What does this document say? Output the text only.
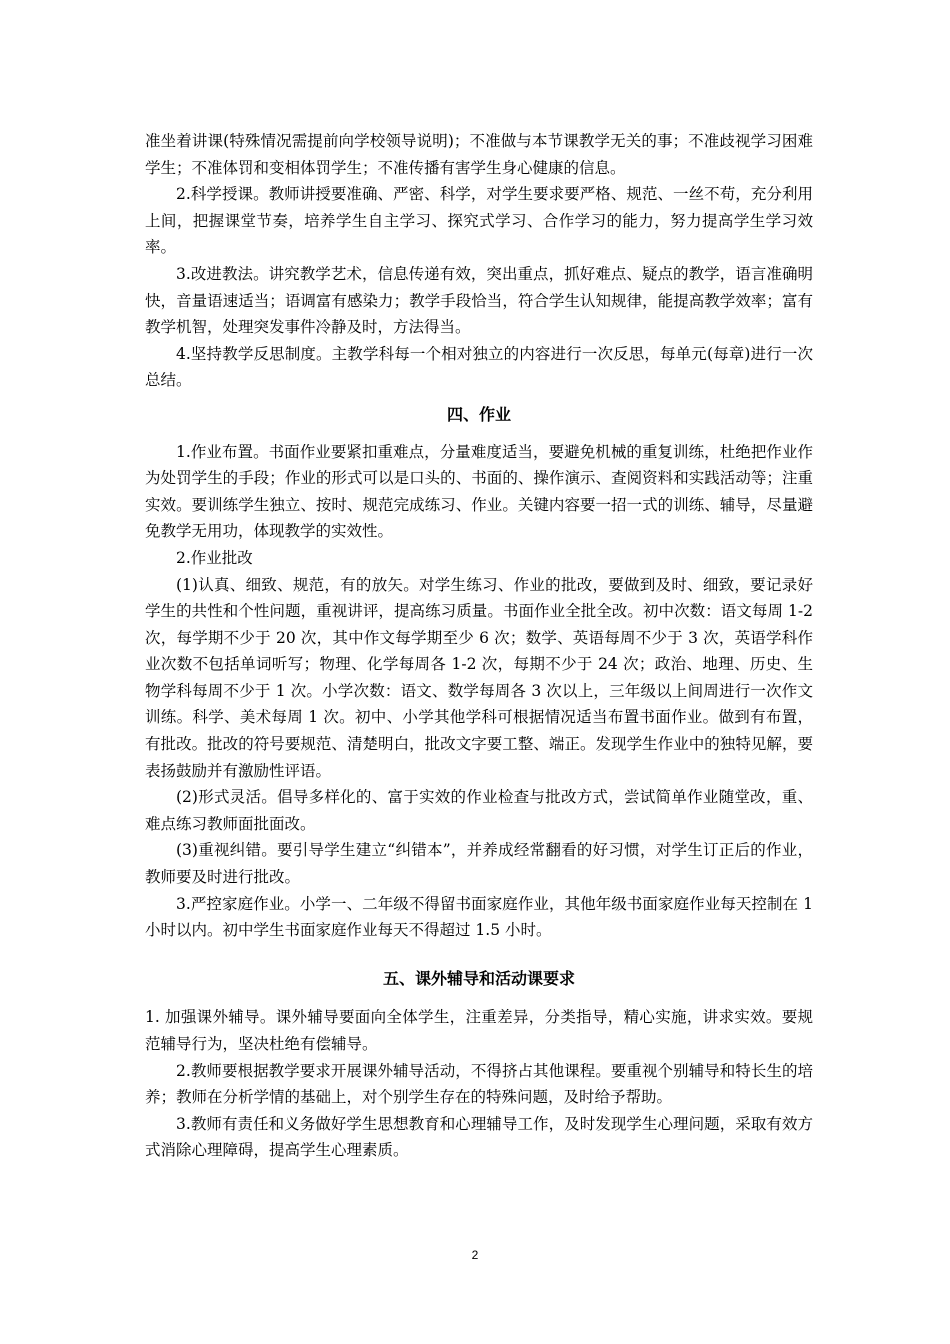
准坐着讲课(特殊情况需提前向学校领导说明)；不准做与本节课教学无关的事；不准歧视学习困难学生；不准体罚和变相体罚学生；不准传播有害学生身心健康的信息。

2.科学授课。教师讲授要准确、严密、科学，对学生要求要严格、规范、一丝不苟，充分利用上间，把握课堂节奏，培养学生自主学习、探究式学习、合作学习的能力，努力提高学生学习效率。

3.改进教法。讲究教学艺术，信息传递有效，突出重点，抓好难点、疑点的教学，语言准确明快，音量语速适当；语调富有感染力；教学手段恰当，符合学生认知规律，能提高教学效率；富有教学机智，处理突发事件冷静及时，方法得当。

4.坚持教学反思制度。主教学科每一个相对独立的内容进行一次反思，每单元(每章)进行一次总结。

四、作业

1.作业布置。书面作业要紧扣重难点，分量难度适当，要避免机械的重复训练，杜绝把作业作为处罚学生的手段；作业的形式可以是口头的、书面的、操作演示、查阅资料和实践活动等；注重实效。要训练学生独立、按时、规范完成练习、作业。关键内容要一招一式的训练、辅导，尽量避免教学无用功，体现教学的实效性。

2.作业批改

(1)认真、细致、规范，有的放矢。对学生练习、作业的批改，要做到及时、细致，要记录好学生的共性和个性问题，重视讲评，提高练习质量。书面作业全批全改。初中次数：语文每周 1-2 次，每学期不少于 20 次，其中作文每学期至少 6 次；数学、英语每周不少于 3 次，英语学科作业次数不包括单词听写；物理、化学每周各 1-2 次，每期不少于 24 次；政治、地理、历史、生物学科每周不少于 1 次。小学次数：语文、数学每周各 3 次以上，三年级以上间周进行一次作文训练。科学、美术每周 1 次。初中、小学其他学科可根据情况适当布置书面作业。做到有布置，有批改。批改的符号要规范、清楚明白，批改文字要工整、端正。发现学生作业中的独特见解，要表扬鼓励并有激励性评语。

(2)形式灵活。倡导多样化的、富于实效的作业检查与批改方式，尝试简单作业随堂改，重、难点练习教师面批面改。

(3)重视纠错。要引导学生建立“纠错本”，并养成经常翻看的好习惯，对学生订正后的作业，教师要及时进行批改。

3.严控家庭作业。小学一、二年级不得留书面家庭作业，其他年级书面家庭作业每天控制在 1 小时以内。初中学生书面家庭作业每天不得超过 1.5 小时。

五、课外辅导和活动课要求

1. 加强课外辅导。课外辅导要面向全体学生，注重差异，分类指导，精心实施，讲求实效。要规范辅导行为，坚决杜绝有偿辅导。

2.教师要根据教学要求开展课外辅导活动，不得挤占其他课程。要重视个别辅导和特长生的培养；教师在分析学情的基础上，对个别学生存在的特殊问题，及时给予帮助。

3.教师有责任和义务做好学生思想教育和心理辅导工作，及时发现学生心理问题，采取有效方式消除心理障碍，提高学生心理素质。

2
